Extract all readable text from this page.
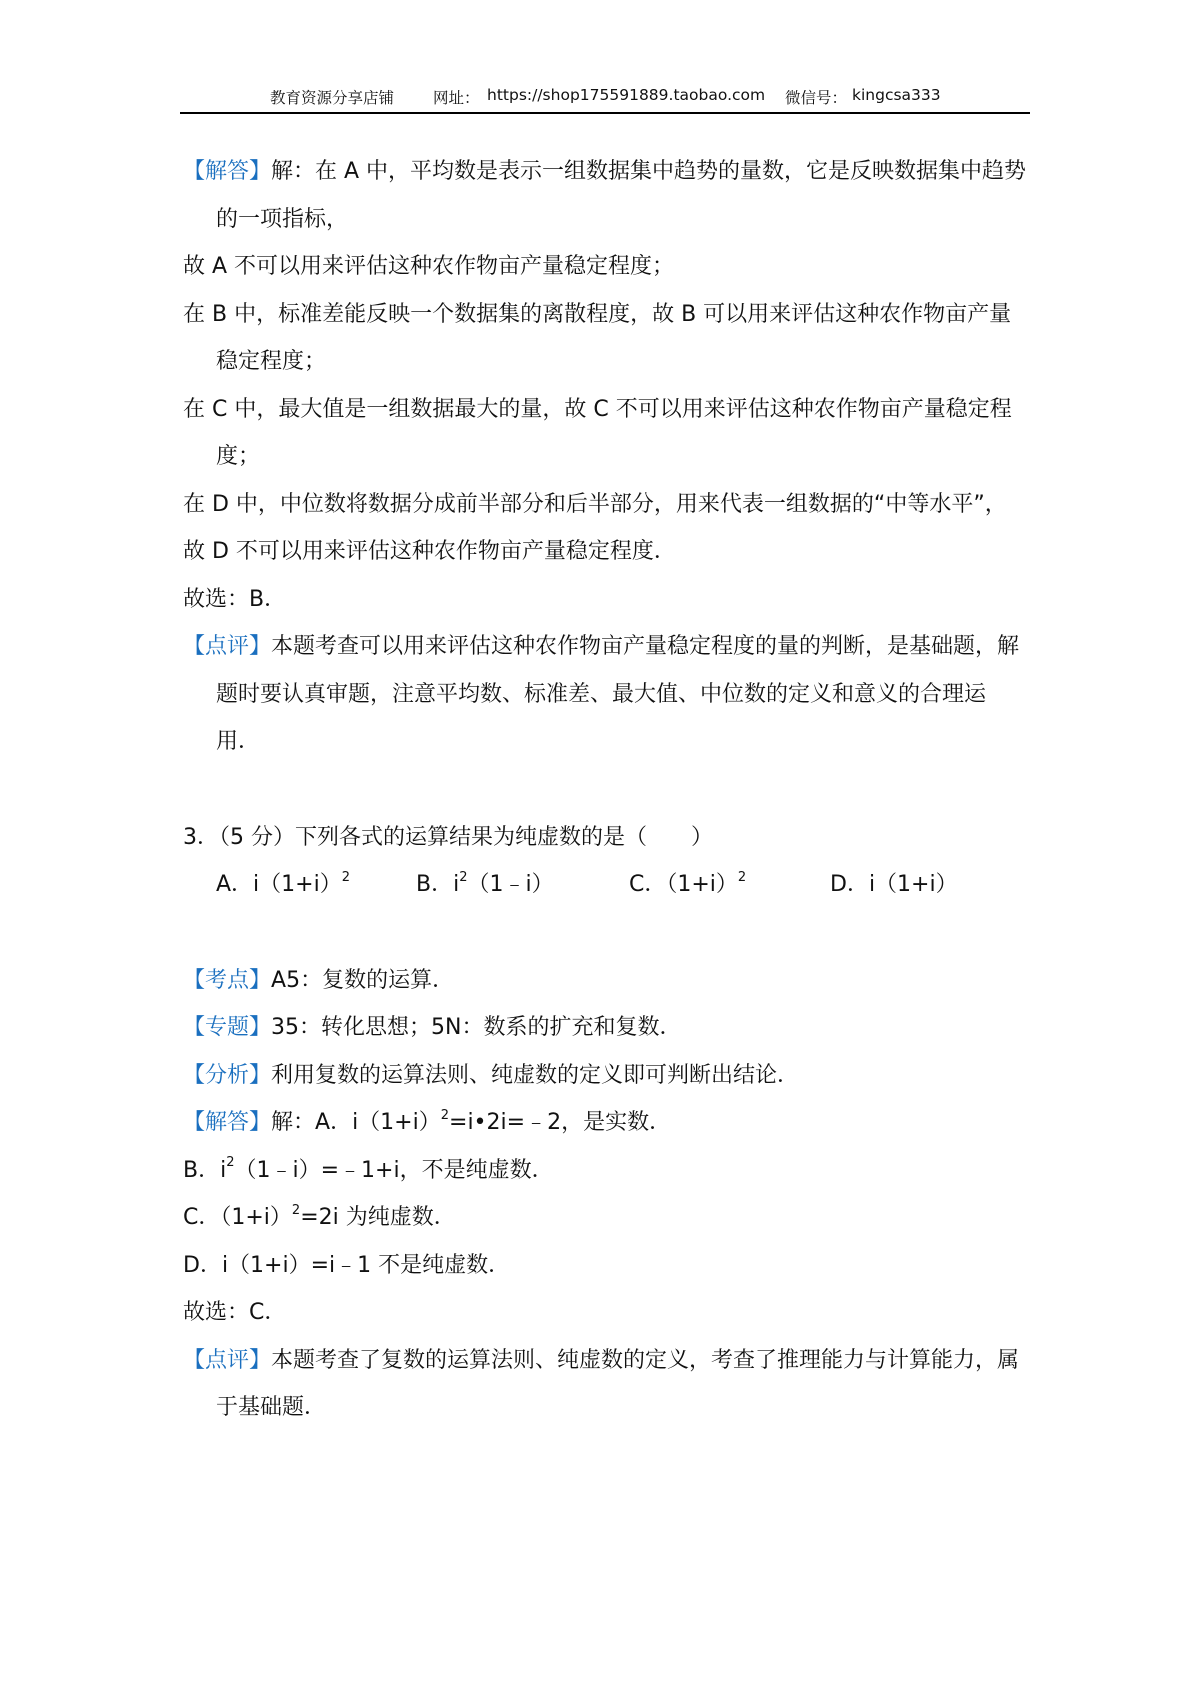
教育资源分享店铺	网址： https://shop175591889.taobao.com 微信号： kingcsa333

【解答】解：在 A 中，平均数是表示一组数据集中趋势的量数，它是反映数据集中趋势的一项指标，

故 A 不可以用来评估这种农作物亩产量稳定程度；

在 B 中，标准差能反映一个数据集的离散程度，故 B 可以用来评估这种农作物亩产量稳定程度；

在 C 中，最大值是一组数据最大的量，故 C 不可以用来评估这种农作物亩产量稳定程度；

在 D 中，中位数将数据分成前半部分和后半部分，用来代表一组数据的“中等水平”，

故 D 不可以用来评估这种农作物亩产量稳定程度．

故选：B．

【点评】本题考查可以用来评估这种农作物亩产量稳定程度的量的判断，是基础题，解题时要认真审题，注意平均数、标准差、最大值、中位数的定义和意义的合理运用．

3．（5 分）下列各式的运算结果为纯虚数的是（　　）

A．$i(1+i)^2$	B．$i^2(1﹣i)$	C．$(1+i)^2$	D．i（1+i）

【考点】A5：复数的运算．

【专题】35：转化思想；5N：数系的扩充和复数．

【分析】利用复数的运算法则、纯虚数的定义即可判断出结论．

【解答】解：A．$i(1+i)^2=i•2i=﹣2$，是实数．

B．$i^2(1﹣i)=﹣1+i$，不是纯虚数．

C．$(1+i)^2=2i$ 为纯虚数．

D．i（1+i）=i﹣1 不是纯虚数．

故选：C．

【点评】本题考查了复数的运算法则、纯虚数的定义，考查了推理能力与计算能力，属于基础题．
